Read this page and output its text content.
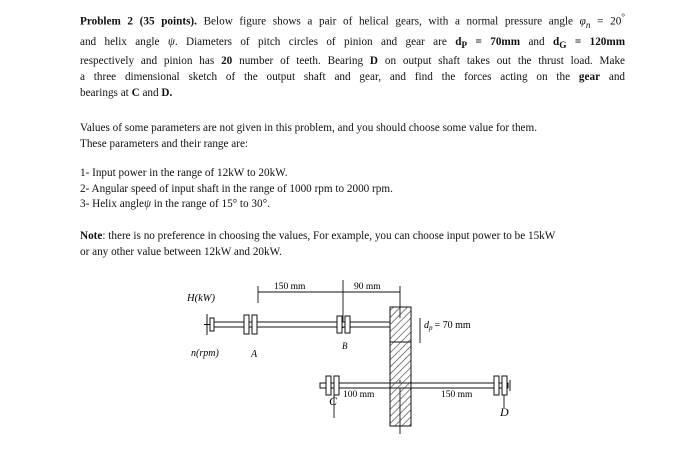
Problem 2 (35 points). Below figure shows a pair of helical gears, with a normal pressure angle $\varphi_n = 20^\circ$
and helix angle ψ. Diameters of pitch circles of pinion and gear are $d_P = 70mm$ and $d_G = 120mm$
respectively and pinion has 20 number of teeth. Bearing D on output shaft takes out the thrust load. Make
a three dimensional sketch of the output shaft and gear, and find the forces acting on the gear and
bearings at C and D.
Values of some parameters are not given in this problem, and you should choose some value for them.
These parameters and their range are:
1- Input power in the range of 12kW to 20kW.
2- Angular speed of input shaft in the range of 1000 rpm to 2000 rpm.
3- Helix angleψ in the range of 15° to 30°.
Note: there is no preference in choosing the values, For example, you can choose input power to be 15kW
or any other value between 12kW and 20kW.
H(kW)
n(rpm)	A
B
C
D
150 mm	90 mm
100 mm	150 mm
$d_p = 70$ mm
